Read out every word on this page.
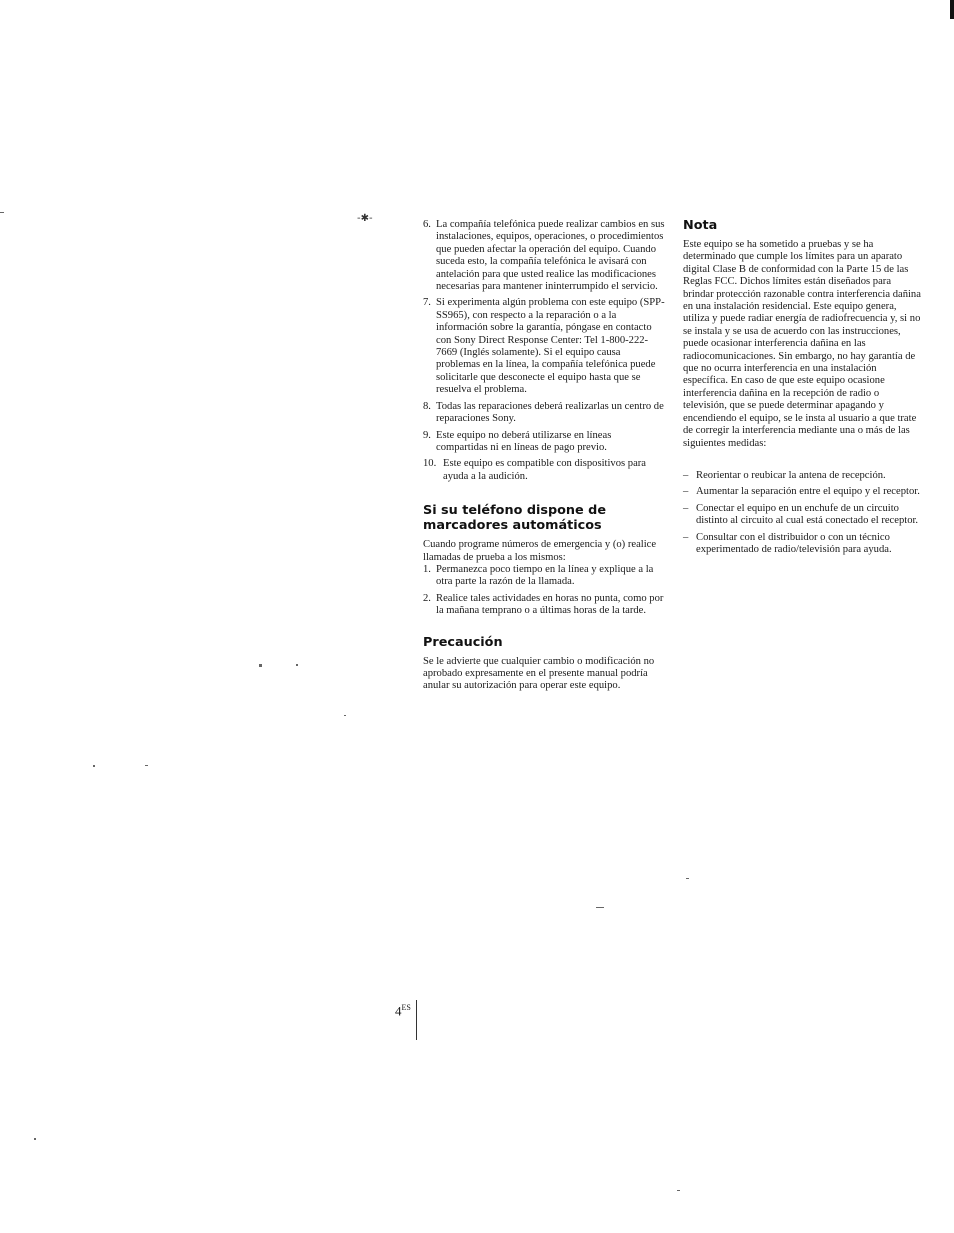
-✱-
6. La compañía telefónica puede realizar cambios en sus instalaciones, equipos, operaciones, o procedimientos que pueden afectar la operación del equipo. Cuando suceda esto, la compañía telefónica le avisará con antelación para que usted realice las modificaciones necesarias para mantener ininterrumpido el servicio.
7. Si experimenta algún problema con este equipo (SPP-SS965), con respecto a la reparación o a la información sobre la garantía, póngase en contacto con Sony Direct Response Center: Tel 1-800-222-7669 (Inglés solamente). Si el equipo causa problemas en la línea, la compañía telefónica puede solicitarle que desconecte el equipo hasta que se resuelva el problema.
8. Todas las reparaciones deberá realizarlas un centro de reparaciones Sony.
9. Este equipo no deberá utilizarse en líneas compartidas ni en líneas de pago previo.
10. Este equipo es compatible con dispositivos para ayuda a la audición.
Si su teléfono dispone de marcadores automáticos
Cuando programe números de emergencia y (o) realice llamadas de prueba a los mismos:
1. Permanezca poco tiempo en la línea y explique a la otra parte la razón de la llamada.
2. Realice tales actividades en horas no punta, como por la mañana temprano o a últimas horas de la tarde.
Precaución
Se le advierte que cualquier cambio o modificación no aprobado expresamente en el presente manual podría anular su autorización para operar este equipo.
Nota
Este equipo se ha sometido a pruebas y se ha determinado que cumple los límites para un aparato digital Clase B de conformidad con la Parte 15 de las Reglas FCC. Dichos límites están diseñados para brindar protección razonable contra interferencia dañina en una instalación residencial. Este equipo genera, utiliza y puede radiar energía de radiofrecuencia y, si no se instala y se usa de acuerdo con las instrucciones, puede ocasionar interferencia dañina en las radiocomunicaciones. Sin embargo, no hay garantía de que no ocurra interferencia en una instalación específica. En caso de que este equipo ocasione interferencia dañina en la recepción de radio o televisión, que se puede determinar apagando y encendiendo el equipo, se le insta al usuario a que trate de corregir la interferencia mediante una o más de las siguientes medidas:
– Reorientar o reubicar la antena de recepción.
– Aumentar la separación entre el equipo y el receptor.
– Conectar el equipo en un enchufe de un circuito distinto al circuito al cual está conectado el receptor.
– Consultar con el distribuidor o con un técnico experimentado de radio/televisión para ayuda.
$4^{ES}$
